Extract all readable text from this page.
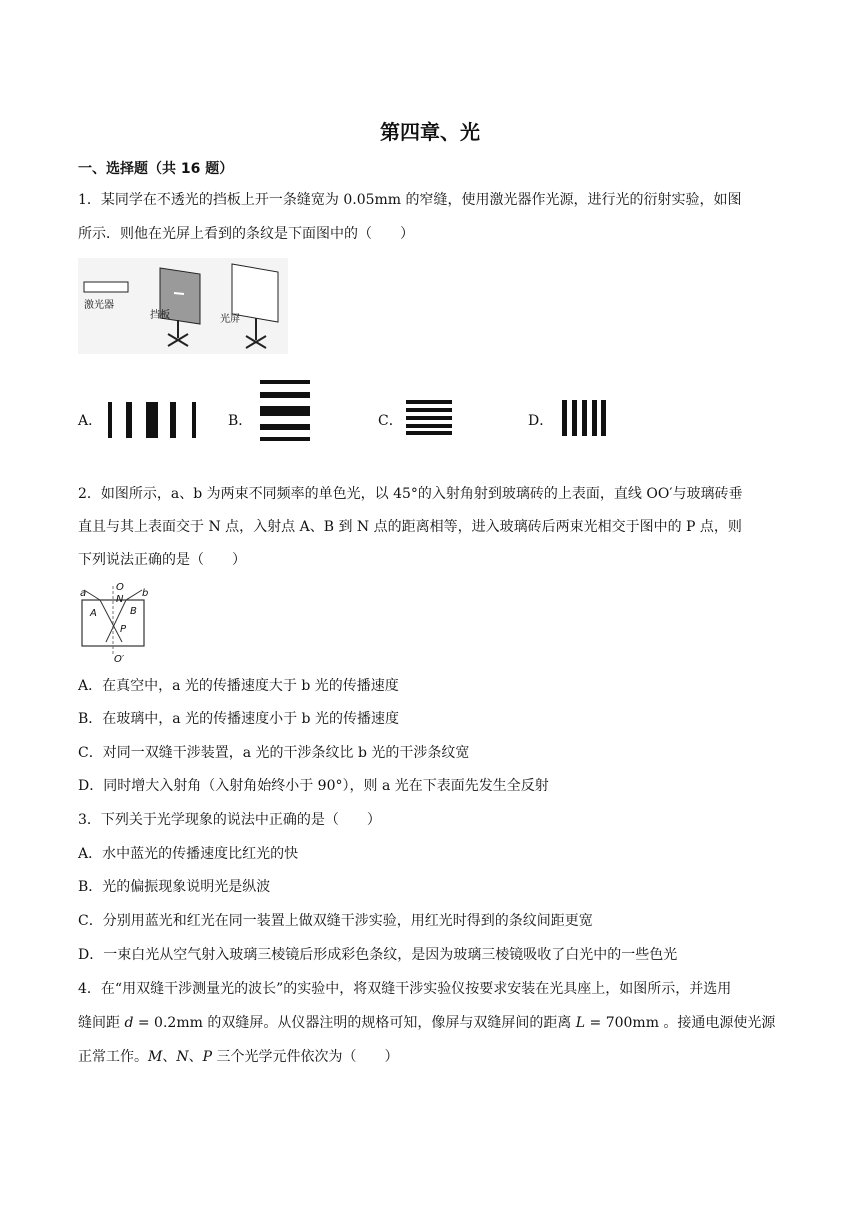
第四章、光
一、选择题（共 16 题）
1．某同学在不透光的挡板上开一条缝宽为 0.05mm 的窄缝，使用激光器作光源，进行光的衍射实验，如图
所示．则他在光屏上看到的条纹是下面图中的（　　）
激光器
挡板	光屏
A．	B．	C．	D．
2．如图所示，a、b 为两束不同频率的单色光，以 45°的入射角射到玻璃砖的上表面，直线 OO′与玻璃砖垂
直且与其上表面交于 N 点，入射点 A、B 到 N 点的距离相等，进入玻璃砖后两束光相交于图中的 P 点，则
下列说法正确的是（　　）
a	b
O
N
A	B
P
O′
A．在真空中，a 光的传播速度大于 b 光的传播速度
B．在玻璃中，a 光的传播速度小于 b 光的传播速度
C．对同一双缝干涉装置，a 光的干涉条纹比 b 光的干涉条纹宽
D．同时增大入射角（入射角始终小于 90°），则 a 光在下表面先发生全反射
3．下列关于光学现象的说法中正确的是（　　）
A．水中蓝光的传播速度比红光的快
B．光的偏振现象说明光是纵波
C．分别用蓝光和红光在同一装置上做双缝干涉实验，用红光时得到的条纹间距更宽
D．一束白光从空气射入玻璃三棱镜后形成彩色条纹，是因为玻璃三棱镜吸收了白光中的一些色光
4．在“用双缝干涉测量光的波长”的实验中，将双缝干涉实验仪按要求安装在光具座上，如图所示，并选用
缝间距 d = 0.2mm 的双缝屏。从仪器注明的规格可知，像屏与双缝屏间的距离 L = 700mm 。接通电源使光源
正常工作。M、N、P 三个光学元件依次为（　　）
